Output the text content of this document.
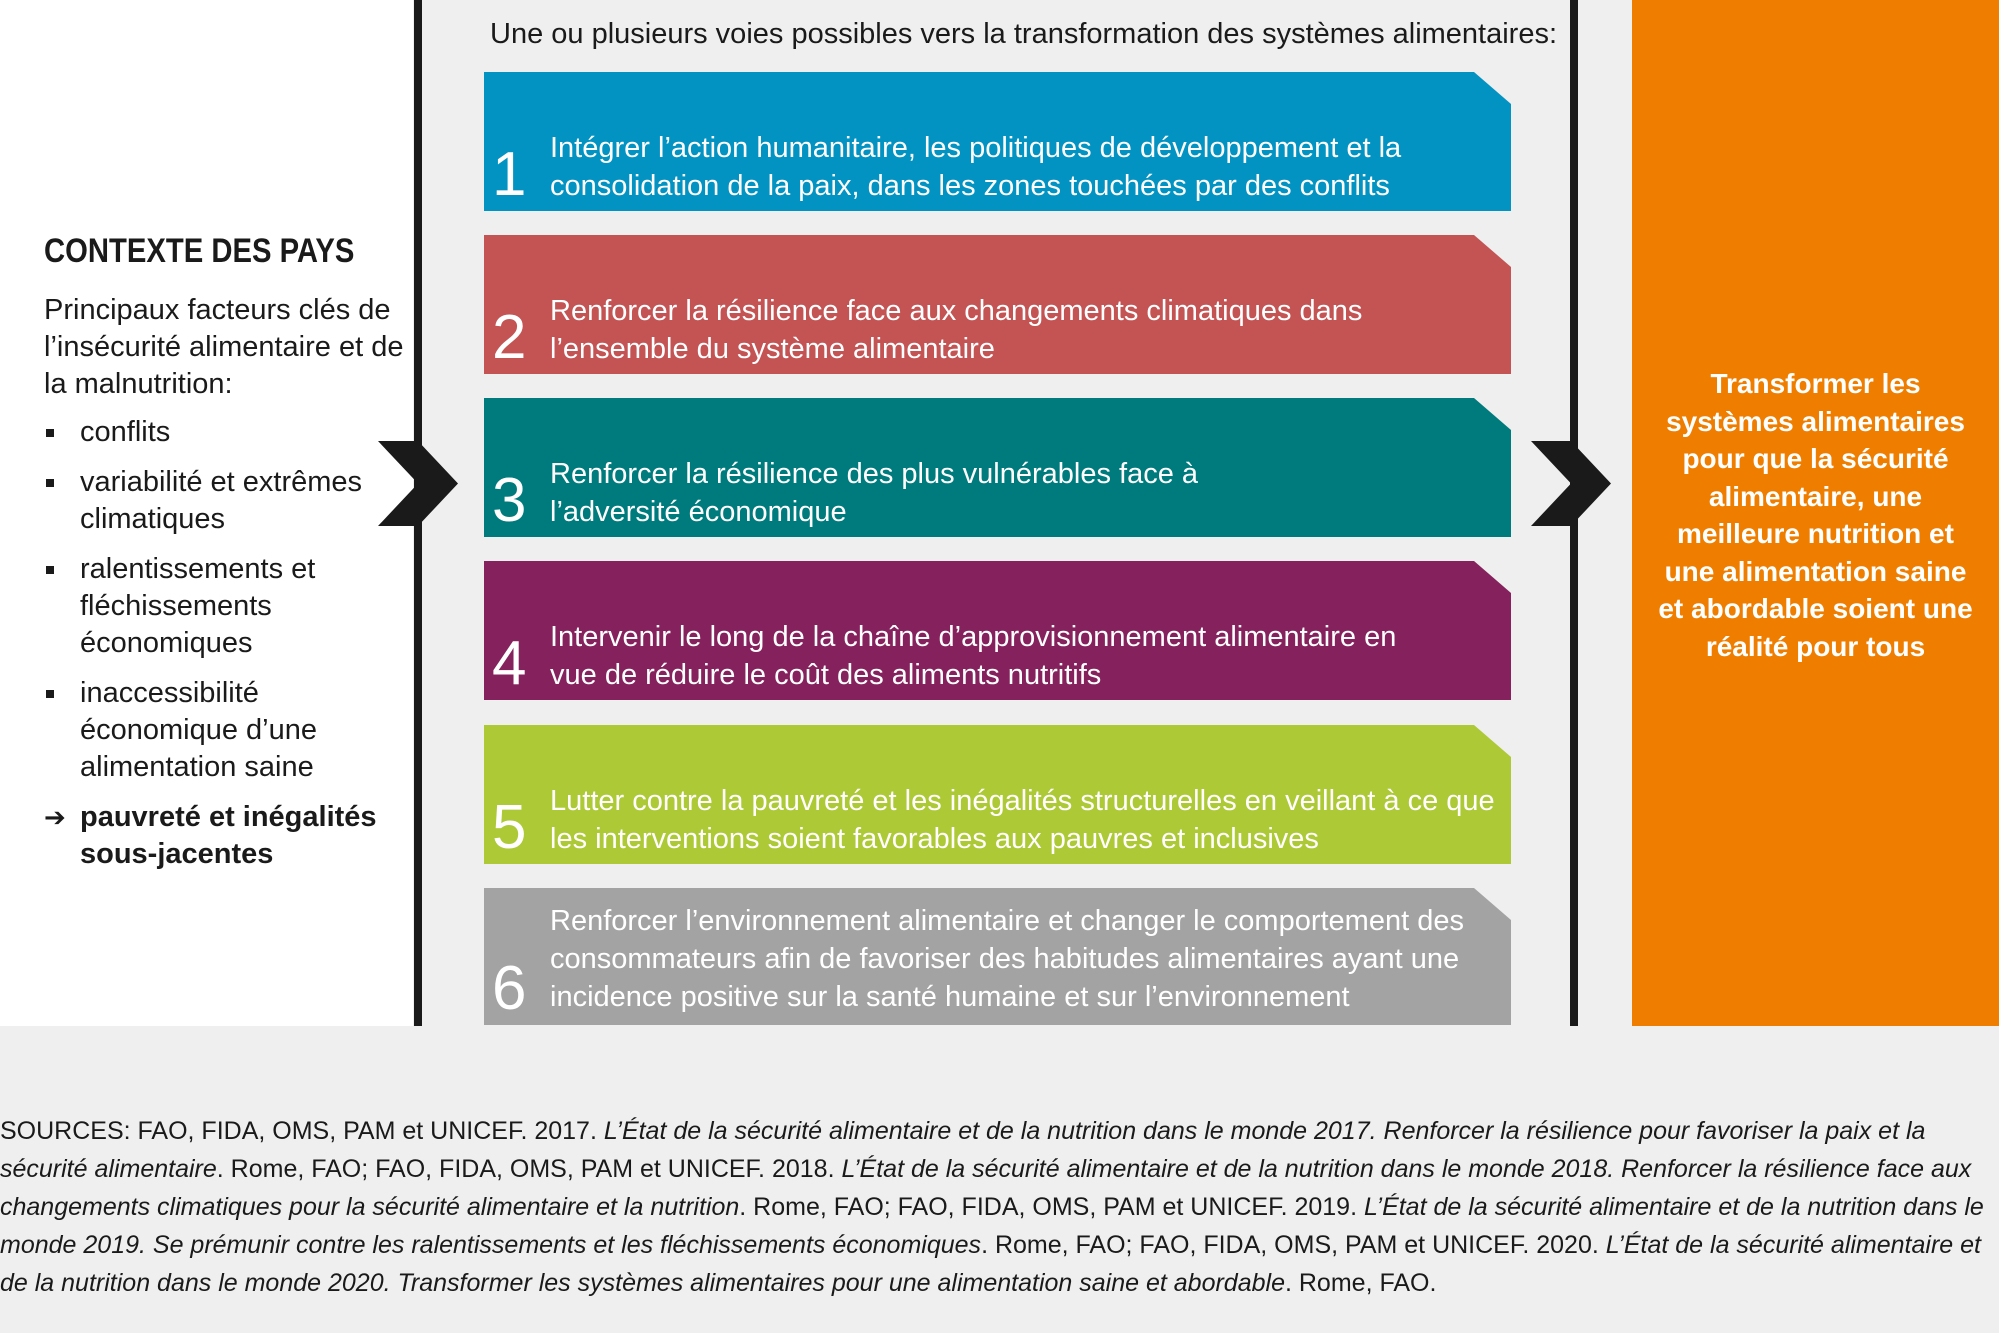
CONTEXTE DES PAYS
Principaux facteurs clés de l’insécurité alimentaire et de la malnutrition:
conflits
variabilité et extrêmes climatiques
ralentissements et fléchissements économiques
inaccessibilité économique d’une alimentation saine
➔ pauvreté et inégalités sous-jacentes
Une ou plusieurs voies possibles vers la transformation des systèmes alimentaires:
1 Intégrer l’action humanitaire, les politiques de développement et la consolidation de la paix, dans les zones touchées par des conflits
2 Renforcer la résilience face aux changements climatiques dans l’ensemble du système alimentaire
3 Renforcer la résilience des plus vulnérables face à l’adversité économique
4 Intervenir le long de la chaîne d’approvisionnement alimentaire en vue de réduire le coût des aliments nutritifs
5 Lutter contre la pauvreté et les inégalités structurelles en veillant à ce que les interventions soient favorables aux pauvres et inclusives
6
Renforcer l’environnement alimentaire et changer le comportement des consommateurs afin de favoriser des habitudes alimentaires ayant une incidence positive sur la santé humaine et sur l’environnement
Transformer les systèmes alimentaires pour que la sécurité alimentaire, une meilleure nutrition et une alimentation saine et abordable soient une réalité pour tous
SOURCES: FAO, FIDA, OMS, PAM et UNICEF. 2017. L’État de la sécurité alimentaire et de la nutrition dans le monde 2017. Renforcer la résilience pour favoriser la paix et la sécurité alimentaire. Rome, FAO; FAO, FIDA, OMS, PAM et UNICEF. 2018. L’État de la sécurité alimentaire et de la nutrition dans le monde 2018. Renforcer la résilience face aux changements climatiques pour la sécurité alimentaire et la nutrition. Rome, FAO; FAO, FIDA, OMS, PAM et UNICEF. 2019. L’État de la sécurité alimentaire et de la nutrition dans le monde 2019. Se prémunir contre les ralentissements et les fléchissements économiques. Rome, FAO; FAO, FIDA, OMS, PAM et UNICEF. 2020. L’État de la sécurité alimentaire et de la nutrition dans le monde 2020. Transformer les systèmes alimentaires pour une alimentation saine et abordable. Rome, FAO.
